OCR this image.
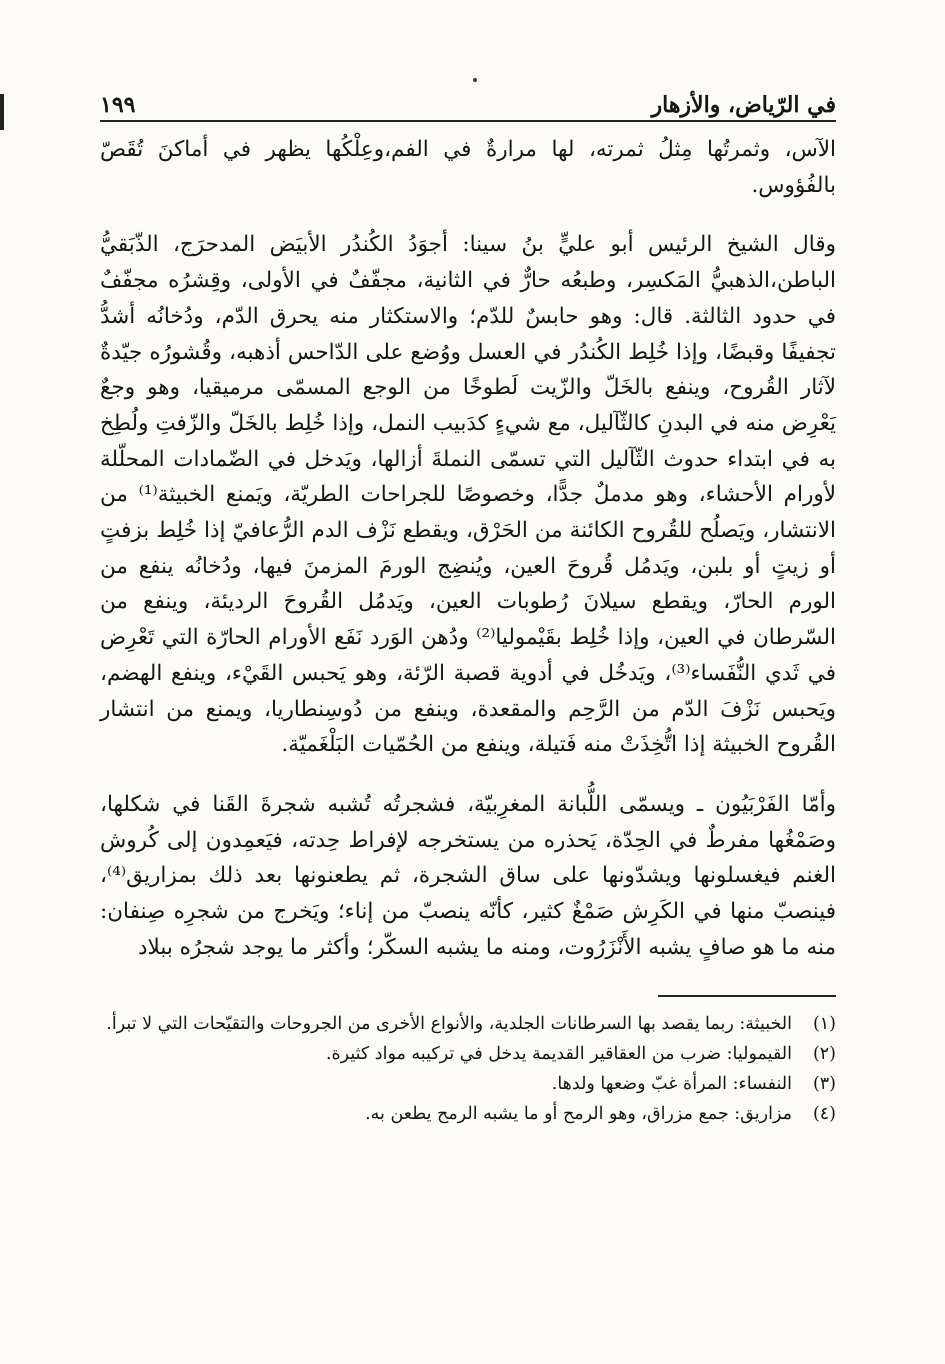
في الرّياض، والأزهار
١٩٩

الآس، وثمرتُها مِثلُ ثمرته، لها مرارةٌ في الفم،وعِلْكُها يظهر في أماكنَ تُقَصّ بالفُؤوس.

وقال الشيخ الرئيس أبو عليٍّ بنُ سينا: أجوَدُ الكُندُر الأبيَض المدحرَج، الذّبَقيُّ الباطن،الذهبيُّ المَكسِر، وطبعُه حارٌّ في الثانية، مجفّفٌ في الأولى، وقِشرُه مجفّفٌ في حدود الثالثة. قال: وهو حابسٌ للدّم؛ والاستكثار منه يحرق الدّم، ودُخانُه أشدُّ تجفيفًا وقبضًا، وإذا خُلِط الكُندُر في العسل ووُضع على الدّاحس أذهبه، وقُشورُه جيّدةٌ لآثار القُروح، وينفع بالخَلّ والزّيت لَطوخًا من الوجع المسمّى مرميقيا، وهو وجعٌ يَعْرِض منه في البدنِ كالثّآليل، مع شيءٍ كدَبيب النمل، وإذا خُلِط بالخَلّ والزّفتِ ولُطِخ به في ابتداء حدوث الثّآليل التي تسمّى النملةَ أزالها، ويَدخل في الضّمادات المحلّلة لأورام الأحشاء، وهو مدملٌ جدًّا، وخصوصًا للجراحات الطريّة، ويَمنع الخبيثة⁽¹⁾ من الانتشار، ويَصلُح للقُروح الكائنة من الحَرْق، ويقطع نَزْف الدم الرُّعافيّ إذا خُلِط بزفتٍ أو زيتٍ أو بلبن، ويَدمُل قُروحَ العين، ويُنضِج الورمَ المزمنَ فيها، ودُخانُه ينفع من الورم الحارّ، ويقطع سيلانَ رُطوبات العين، ويَدمُل القُروحَ الرديئة، وينفع من السّرطان في العين، وإذا خُلِط بقَيْموليا⁽²⁾ ودُهن الوَرد نَفَع الأورام الحارّة التي تَعْرِض في ثَدي النُّفَساء⁽³⁾، ويَدخُل في أدوية قصبة الرّئة، وهو يَحبس القَيْء، وينفع الهضم، ويَحبس نَزْفَ الدّم من الرَّحِم والمقعدة، وينفع من دُوسِنطاريا، ويمنع من انتشار القُروح الخبيثة إذا اتُّخِذَتْ منه فَتيلة، وينفع من الحُمّيات البَلْغَميّة.

وأمّا الفَرْبَيُون ـ ويسمّى اللُّبانة المغرِبيّة، فشجرتُه تُشبه شجرةَ القَنا في شكلها، وصَمْغُها مفرطٌ في الحِدّة، يَحذره من يستخرجه لإفراط حِدته، فيَعمِدون إلى كُروش الغنم فيغسلونها ويشدّونها على ساق الشجرة، ثم يطعنونها بعد ذلك بمزاريق⁽⁴⁾، فينصبّ منها في الكَرِش صَمْغٌ كثير، كأنّه ينصبّ من إناء؛ ويَخرج من شجرِه صِنفان: منه ما هو صافٍ يشبه الأَنْزَرُوت، ومنه ما يشبه السكّر؛ وأكثر ما يوجد شجرُه ببلاد

(١)
الخبيثة: ربما يقصد بها السرطانات الجلدية، والأنواع الأخرى من الجروحات والتقيّحات التي لا تبرأ.
(٢)
القيموليا: ضرب من العقاقير القديمة يدخل في تركيبه مواد كثيرة.
(٣)
النفساء: المرأة غبّ وضعها ولدها.
(٤)
مزاريق: جمع مزراق، وهو الرمح أو ما يشبه الرمح يطعن به.
